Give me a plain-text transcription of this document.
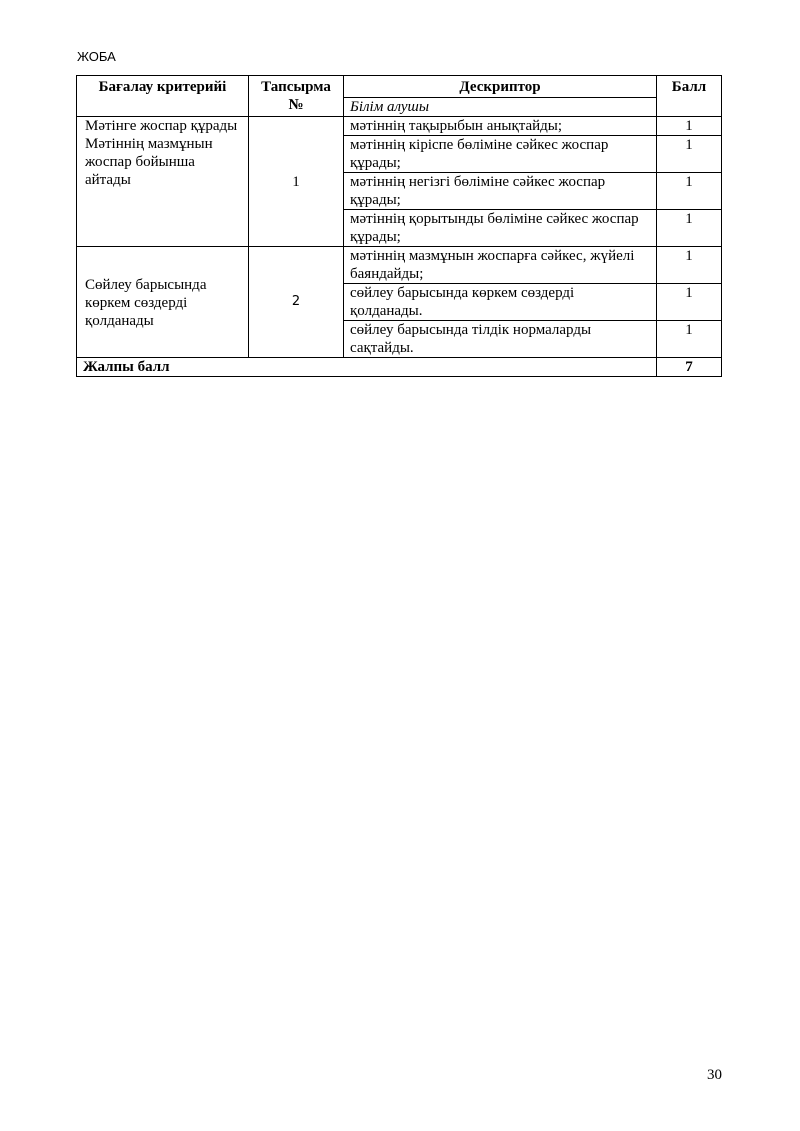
ЖОБА
Бағалау критерийі	Тапсырма №	Дескриптор	Балл
		Білім алушы	
Мәтінге жоспар құрады Мәтіннің мазмұнын жоспар бойынша айтады	1	мәтіннің тақырыбын анықтайды;	1
		мәтіннің кіріспе бөліміне сәйкес жоспар құрады;	1
		мәтіннің негізгі бөліміне сәйкес жоспар құрады;	1
		мәтіннің қорытынды бөліміне сәйкес жоспар құрады;	1
Сөйлеу барысында көркем сөздерді қолданады	2	мәтіннің мазмұнын жоспарға сәйкес, жүйелі баяндайды;	1
		сөйлеу барысында көркем сөздерді қолданады.	1
		сөйлеу барысында тілдік нормаларды сақтайды.	1
Жалпы балл			7
30
